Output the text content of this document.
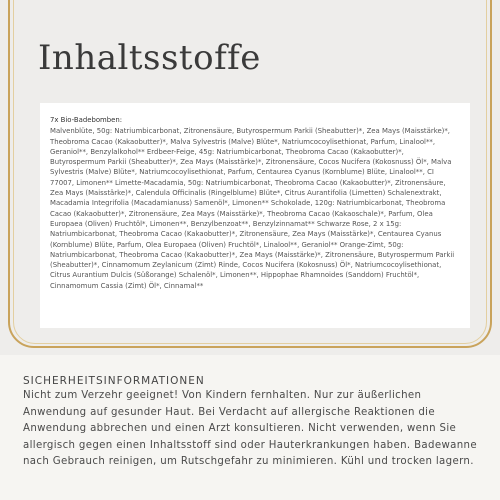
Inhaltsstoffe
7x Bio-Badebomben:

Malvenblüte, 50g: Natriumbicarbonat, Zitronensäure, Butyrospermum Parkii (Sheabutter)*, Zea Mays (Maisstärke)*, Theobroma Cacao (Kakaobutter)*, Malva Sylvestris (Malve) Blüte*, Natriumcocoylisethionat, Parfum, Linalool**, Geraniol**, Benzylalkohol** Erdbeer-Feige, 45g: Natriumbicarbonat, Theobroma Cacao (Kakaobutter)*, Butyrospermum Parkii (Sheabutter)*, Zea Mays (Maisstärke)*, Zitronensäure, Cocos Nucifera (Kokosnuss) Öl*, Malva Sylvestris (Malve) Blüte*, Natriumcocoylisethionat, Parfum, Centaurea Cyanus (Kornblume) Blüte, Linalool**, CI 77007, Limonen** Limette-Macadamia, 50g: Natriumbicarbonat, Theobroma Cacao (Kakaobutter)*, Zitronensäure, Zea Mays (Maisstärke)*, Calendula Officinalis (Ringelblume) Blüte*, Citrus Aurantifolia (Limetten) Schalenextrakt, Macadamia Integrifolia (Macadamianuss) Samenöl*, Limonen** Schokolade, 120g: Natriumbicarbonat, Theobroma Cacao (Kakaobutter)*, Zitronensäure, Zea Mays (Maisstärke)*, Theobroma Cacao (Kakaoschale)*, Parfum, Olea Europaea (Oliven) Fruchtöl*, Limonen**, Benzylbenzoat**, Benzylzinnamat** Schwarze Rose, 2 x 15g: Natriumbicarbonat, Theobroma Cacao (Kakaobutter)*, Zitronensäure, Zea Mays (Maisstärke)*, Centaurea Cyanus (Kornblume) Blüte, Parfum, Olea Europaea (Oliven) Fruchtöl*, Linalool**, Geraniol** Orange-Zimt, 50g: Natriumbicarbonat, Theobroma Cacao (Kakaobutter)*, Zea Mays (Maisstärke)*, Zitronensäure, Butyrospermum Parkii (Sheabutter)*, Cinnamomum Zeylanicum (Zimt) Rinde, Cocos Nucifera (Kokosnuss) Öl*, Natriumcocoylisethionat, Citrus Aurantium Dulcis (Süßorange) Schalenöl*, Limonen**, Hippophae Rhamnoides (Sanddorn) Fruchtöl*, Cinnamomum Cassia (Zimt) Öl*, Cinnamal**

SICHERHEITSINFORMATIONEN

Nicht zum Verzehr geeignet! Von Kindern fernhalten. Nur zur äußerlichen Anwendung auf gesunder Haut. Bei Verdacht auf allergische Reaktionen die Anwendung abbrechen und einen Arzt konsultieren. Nicht verwenden, wenn Sie allergisch gegen einen Inhaltsstoff sind oder Hauterkrankungen haben. Badewanne nach Gebrauch reinigen, um Rutschgefahr zu minimieren. Kühl und trocken lagern.
